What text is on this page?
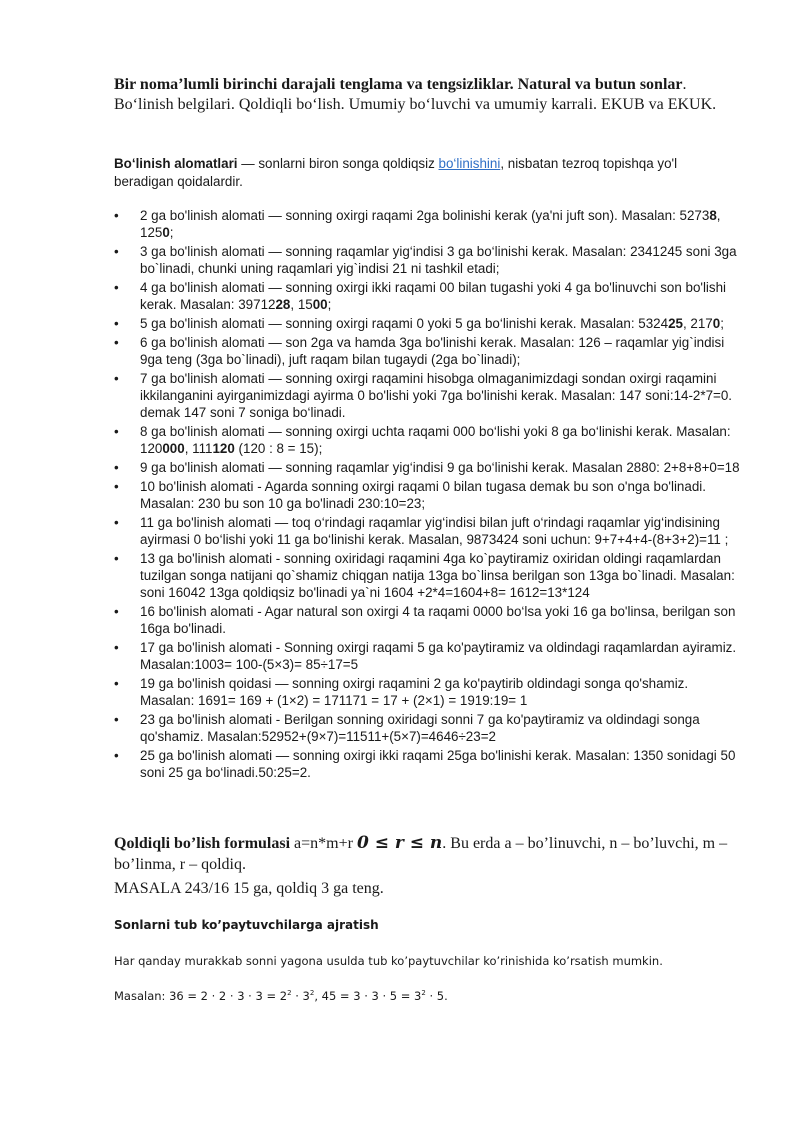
Bir noma’lumli birinchi darajali tenglama va tengsizliklar. Natural va butun sonlar.
Bo‘linish belgilari. Qoldiqli bo‘lish. Umumiy bo‘luvchi va umumiy karrali. EKUB va EKUK.
Bo‘linish alomatlari — sonlarni biron songa qoldiqsiz bo‘linishini, nisbatan tezroq topishqa yo'l beradigan qoidalardir.
• 2 ga bo'linish alomati — sonning oxirgi raqami 2ga bolinishi kerak (ya'ni juft son). Masalan: 52738, 1250;
• 3 ga bo'linish alomati — sonning raqamlar yig‘indisi 3 ga bo‘linishi kerak. Masalan: 2341245 soni 3ga bo`linadi, chunki uning raqamlari yig`indisi 21 ni tashkil etadi;
• 4 ga bo'linish alomati — sonning oxirgi ikki raqami 00 bilan tugashi yoki 4 ga bo'linuvchi son bo'lishi kerak. Masalan: 3971228, 1500;
• 5 ga bo'linish alomati — sonning oxirgi raqami 0 yoki 5 ga bo‘linishi kerak. Masalan: 532425, 2170;
• 6 ga bo'linish alomati — son 2ga va hamda 3ga bo'linishi kerak. Masalan: 126 – raqamlar yig`indisi 9ga teng (3ga bo`linadi), juft raqam bilan tugaydi (2ga bo`linadi);
• 7 ga bo'linish alomati — sonning oxirgi raqamini hisobga olmaganimizdagi sondan oxirgi raqamini ikkilanganini ayirganimizdagi ayirma 0 bo'lishi yoki 7ga bo'linishi kerak. Masalan: 147 soni:14-2*7=0. demak 147 soni 7 soniga bo‘linadi.
• 8 ga bo'linish alomati — sonning oxirgi uchta raqami 000 bo‘lishi yoki 8 ga bo‘linishi kerak. Masalan: 120000, 111120 (120 : 8 = 15);
• 9 ga bo'linish alomati — sonning raqamlar yig‘indisi 9 ga bo‘linishi kerak. Masalan 2880: 2+8+8+0=18
• 10 bo'linish alomati - Agarda sonning oxirgi raqami 0 bilan tugasa demak bu son o'nga bo'linadi. Masalan: 230 bu son 10 ga bo'linadi 230:10=23;
• 11 ga bo'linish alomati — toq o‘rindagi raqamlar yig‘indisi bilan juft o‘rindagi raqamlar yig‘indisining ayirmasi 0 bo‘lishi yoki 11 ga bo‘linishi kerak. Masalan, 9873424 soni uchun: 9+7+4+4-(8+3+2)=11 ;
• 13 ga bo'linish alomati - sonning oxiridagi raqamini 4ga ko`paytiramiz oxiridan oldingi raqamlardan tuzilgan songa natijani qo`shamiz chiqgan natija 13ga bo`linsa berilgan son 13ga bo`linadi. Masalan: soni 16042 13ga qoldiqsiz bo'linadi ya`ni 1604 +2*4=1604+8= 1612=13*124
• 16 bo'linish alomati - Agar natural son oxirgi 4 ta raqami 0000 bo‘lsa yoki 16 ga bo'linsa, berilgan son 16ga bo'linadi.
• 17 ga bo'linish alomati - Sonning oxirgi raqami 5 ga ko'paytiramiz va oldindagi raqamlardan ayiramiz. Masalan:1003= 100-(5×3)= 85÷17=5
• 19 ga bo'linish qoidasi — sonning oxirgi raqamini 2 ga ko'paytirib oldindagi songa qo'shamiz. Masalan: 1691= 169 + (1×2) = 171171 = 17 + (2×1) = 1919:19= 1
• 23 ga bo'linish alomati - Berilgan sonning oxiridagi sonni 7 ga ko'paytiramiz va oldindagi songa qo'shamiz. Masalan:52952+(9×7)=11511+(5×7)=4646÷23=2
• 25 ga bo'linish alomati — sonning oxirgi ikki raqami 25ga bo'linishi kerak. Masalan: 1350 sonidagi 50 soni 25 ga bo‘linadi.50:25=2.
Qoldiqli bo’lish formulasi a=n*m+r 0 ≤ 𝒓 ≤ 𝒏. Bu erda a – bo’linuvchi, n – bo’luvchi, m – bo’linma, r – qoldiq.
MASALA 243/16 15 ga, qoldiq 3 ga teng.
Sonlarni tub ko’paytuvchilarga ajratish
Har qanday murakkab sonni yagona usulda tub ko’paytuvchilar ko’rinishida ko’rsatish mumkin.
Masalan: $36 = 2 \cdot 2 \cdot 3 \cdot 3 = 2^2 \cdot 3^2$, $45 = 3 \cdot 3 \cdot 5 = 3^2 \cdot 5$.
